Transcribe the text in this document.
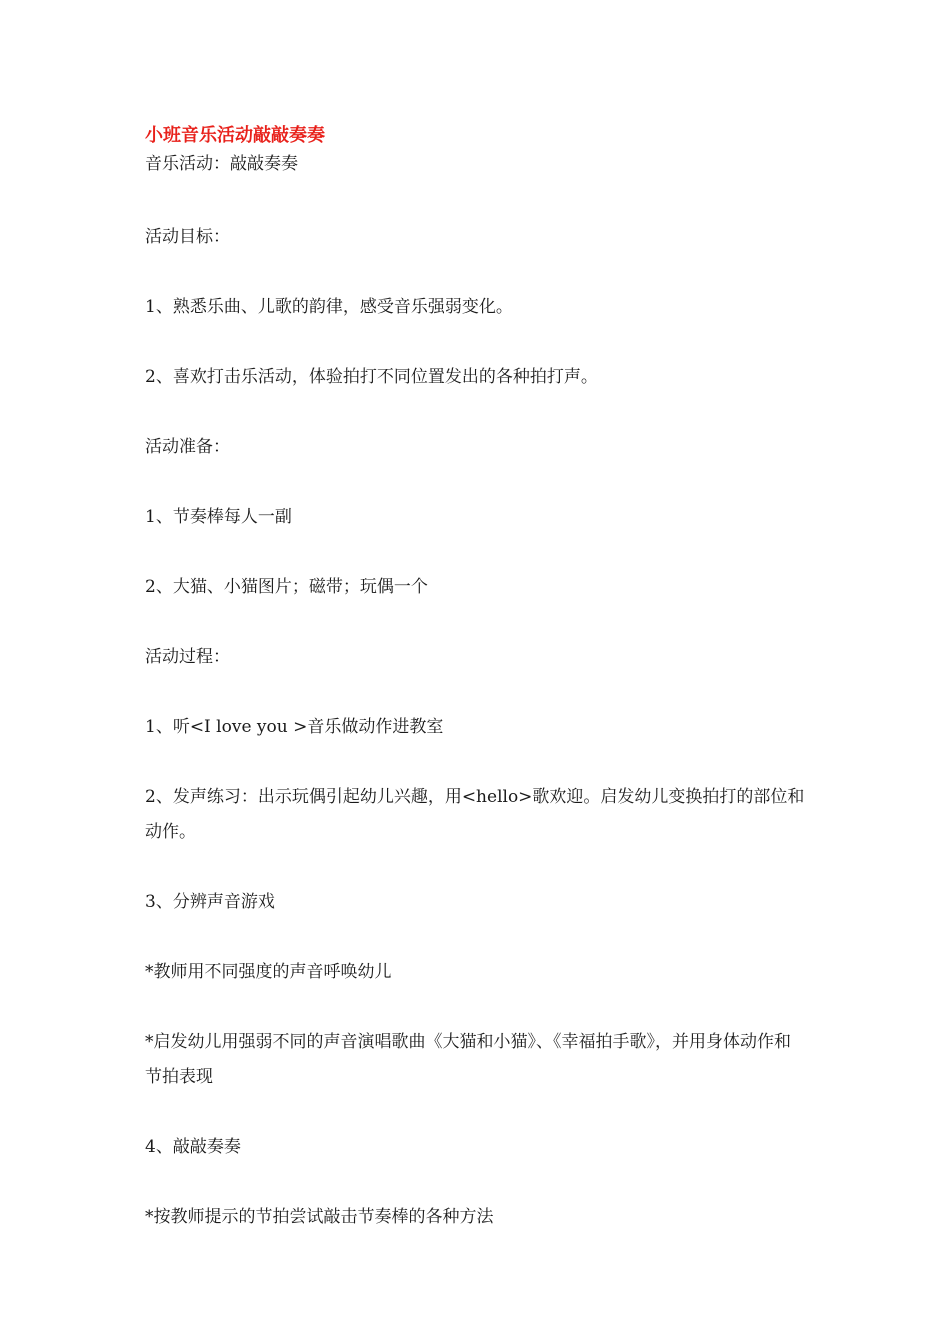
小班音乐活动敲敲奏奏

音乐活动：敲敲奏奏

活动目标：

1、熟悉乐曲、儿歌的韵律，感受音乐强弱变化。

2、喜欢打击乐活动，体验拍打不同位置发出的各种拍打声。

活动准备：

1、节奏棒每人一副

2、大猫、小猫图片；磁带；玩偶一个

活动过程：

1、听<I love you >音乐做动作进教室

2、发声练习：出示玩偶引起幼儿兴趣，用<hello>歌欢迎。启发幼儿变换拍打的部位和动作。

3、分辨声音游戏

*教师用不同强度的声音呼唤幼儿

*启发幼儿用强弱不同的声音演唱歌曲《大猫和小猫》、《幸福拍手歌》，并用身体动作和节拍表现

4、敲敲奏奏

*按教师提示的节拍尝试敲击节奏棒的各种方法
